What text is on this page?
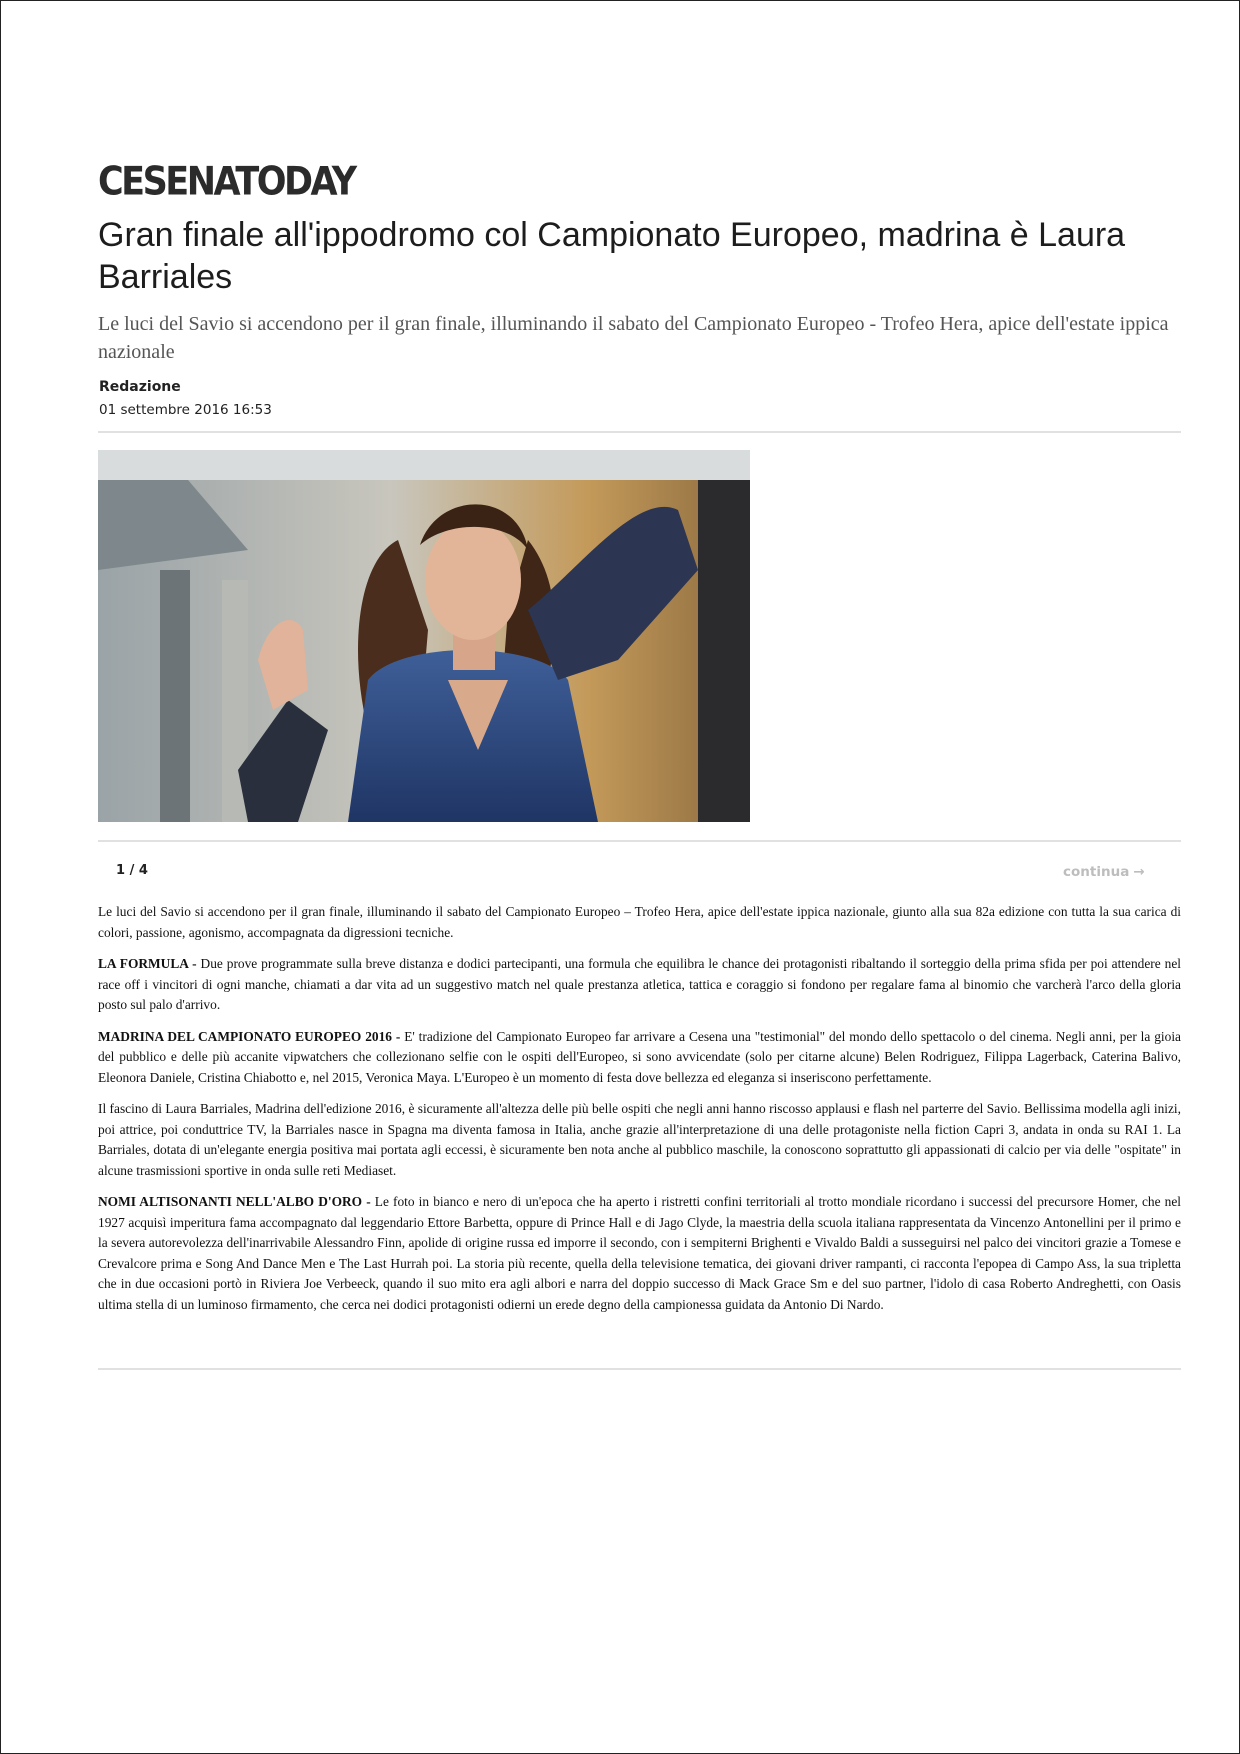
CESENATODAY
Gran finale all'ippodromo col Campionato Europeo, madrina è Laura Barriales

Le luci del Savio si accendono per il gran finale, illuminando il sabato del Campionato Europeo - Trofeo Hera, apice dell'estate ippica nazionale

Redazione
01 settembre 2016 16:53
1 / 4	continua →

Le luci del Savio si accendono per il gran finale, illuminando il sabato del Campionato Europeo – Trofeo Hera, apice dell'estate ippica nazionale, giunto alla sua 82a edizione con tutta la sua carica di colori, passione, agonismo, accompagnata da digressioni tecniche.

LA FORMULA - Due prove programmate sulla breve distanza e dodici partecipanti, una formula che equilibra le chance dei protagonisti ribaltando il sorteggio della prima sfida per poi attendere nel race off i vincitori di ogni manche, chiamati a dar vita ad un suggestivo match nel quale prestanza atletica, tattica e coraggio si fondono per regalare fama al binomio che varcherà l'arco della gloria posto sul palo d'arrivo.

MADRINA DEL CAMPIONATO EUROPEO 2016 - E' tradizione del Campionato Europeo far arrivare a Cesena una "testimonial" del mondo dello spettacolo o del cinema. Negli anni, per la gioia del pubblico e delle più accanite vipwatchers che collezionano selfie con le ospiti dell'Europeo, si sono avvicendate (solo per citarne alcune) Belen Rodriguez, Filippa Lagerback, Caterina Balivo, Eleonora Daniele, Cristina Chiabotto e, nel 2015, Veronica Maya. L'Europeo è un momento di festa dove bellezza ed eleganza si inseriscono perfettamente.

Il fascino di Laura Barriales, Madrina dell'edizione 2016, è sicuramente all'altezza delle più belle ospiti che negli anni hanno riscosso applausi e flash nel parterre del Savio. Bellissima modella agli inizi, poi attrice, poi conduttrice TV, la Barriales nasce in Spagna ma diventa famosa in Italia, anche grazie all'interpretazione di una delle protagoniste nella fiction Capri 3, andata in onda su RAI 1. La Barriales, dotata di un'elegante energia positiva mai portata agli eccessi, è sicuramente ben nota anche al pubblico maschile, la conoscono soprattutto gli appassionati di calcio per via delle "ospitate" in alcune trasmissioni sportive in onda sulle reti Mediaset.

NOMI ALTISONANTI NELL'ALBO D'ORO - Le foto in bianco e nero di un'epoca che ha aperto i ristretti confini territoriali al trotto mondiale ricordano i successi del precursore Homer, che nel 1927 acquisì imperitura fama accompagnato dal leggendario Ettore Barbetta, oppure di Prince Hall e di Jago Clyde, la maestria della scuola italiana rappresentata da Vincenzo Antonellini per il primo e la severa autorevolezza dell'inarrivabile Alessandro Finn, apolide di origine russa ed imporre il secondo, con i sempiterni Brighenti e Vivaldo Baldi a susseguirsi nel palco dei vincitori grazie a Tomese e Crevalcore prima e Song And Dance Men e The Last Hurrah poi. La storia più recente, quella della televisione tematica, dei giovani driver rampanti, ci racconta l'epopea di Campo Ass, la sua tripletta che in due occasioni portò in Riviera Joe Verbeeck, quando il suo mito era agli albori e narra del doppio successo di Mack Grace Sm e del suo partner, l'idolo di casa Roberto Andreghetti, con Oasis ultima stella di un luminoso firmamento, che cerca nei dodici protagonisti odierni un erede degno della campionessa guidata da Antonio Di Nardo.
